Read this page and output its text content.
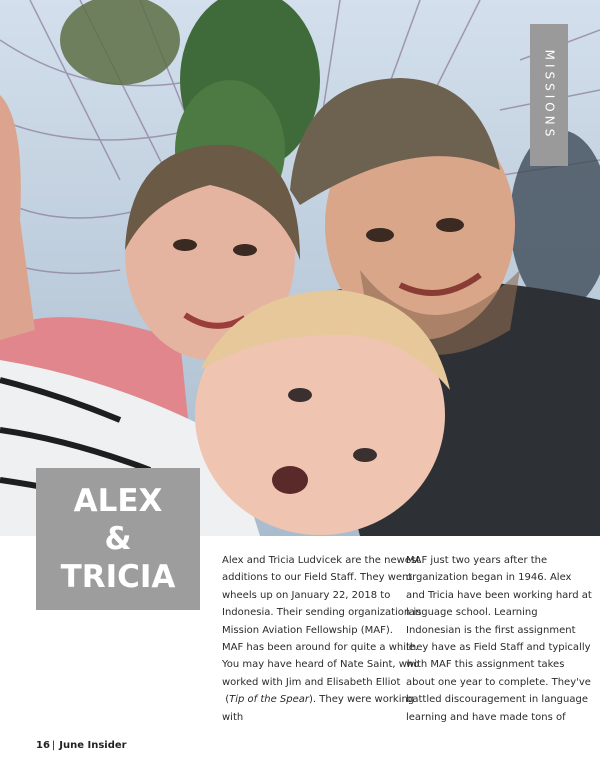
MISSIONS
ALEX
&
TRICIA	Alex and Tricia Ludvicek are the newest

additions to our Field Staff. They went

wheels up on January 22, 2018 to

Indonesia. Their sending organization is

Mission Aviation Fellowship (MAF).

MAF has been around for quite a while.

You may have heard of Nate Saint, who

worked with Jim and Elisabeth Elliot

(Tip of the Spear). They were working

with

MAF just two years after the

organization began in 1946. Alex

and Tricia have been working hard at

language school. Learning

Indonesian is the first assignment

they have as Field Staff and typically

with MAF this assignment takes

about one year to complete. They've

battled discouragement in language

learning and have made tons of

16 | June Insider
